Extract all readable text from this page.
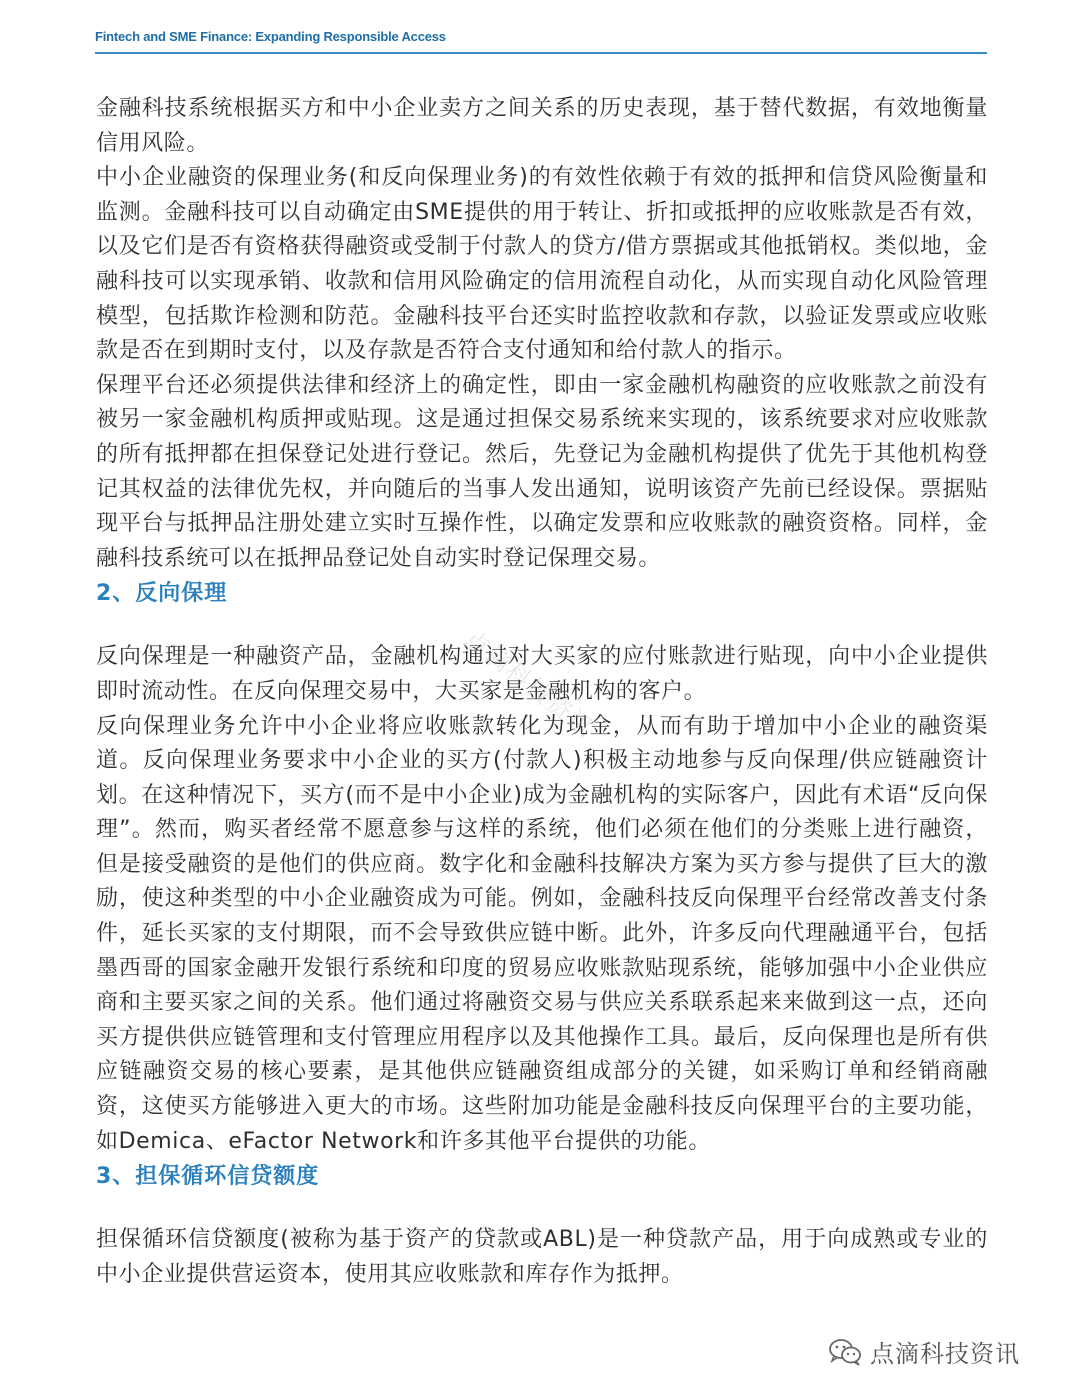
Fintech and SME Finance: Expanding Responsible Access

金融科技系统根据买方和中小企业卖方之间关系的历史表现，基于替代数据，有效地衡量信用风险。

中小企业融资的保理业务(和反向保理业务)的有效性依赖于有效的抵押和信贷风险衡量和监测。金融科技可以自动确定由SME提供的用于转让、折扣或抵押的应收账款是否有效，以及它们是否有资格获得融资或受制于付款人的贷方/借方票据或其他抵销权。类似地，金融科技可以实现承销、收款和信用风险确定的信用流程自动化，从而实现自动化风险管理模型，包括欺诈检测和防范。金融科技平台还实时监控收款和存款，以验证发票或应收账款是否在到期时支付，以及存款是否符合支付通知和给付款人的指示。

保理平台还必须提供法律和经济上的确定性，即由一家金融机构融资的应收账款之前没有被另一家金融机构质押或贴现。这是通过担保交易系统来实现的，该系统要求对应收账款的所有抵押都在担保登记处进行登记。然后，先登记为金融机构提供了优先于其他机构登记其权益的法律优先权，并向随后的当事人发出通知，说明该资产先前已经设保。票据贴现平台与抵押品注册处建立实时互操作性，以确定发票和应收账款的融资资格。同样，金融科技系统可以在抵押品登记处自动实时登记保理交易。

2、反向保理

反向保理是一种融资产品，金融机构通过对大买家的应付账款进行贴现，向中小企业提供即时流动性。在反向保理交易中，大买家是金融机构的客户。

反向保理业务允许中小企业将应收账款转化为现金，从而有助于增加中小企业的融资渠道。反向保理业务要求中小企业的买方(付款人)积极主动地参与反向保理/供应链融资计划。在这种情况下，买方(而不是中小企业)成为金融机构的实际客户，因此有术语“反向保理”。然而，购买者经常不愿意参与这样的系统，他们必须在他们的分类账上进行融资，但是接受融资的是他们的供应商。数字化和金融科技解决方案为买方参与提供了巨大的激励，使这种类型的中小企业融资成为可能。例如，金融科技反向保理平台经常改善支付条件，延长买家的支付期限，而不会导致供应链中断。此外，许多反向代理融通平台，包括墨西哥的国家金融开发银行系统和印度的贸易应收账款贴现系统，能够加强中小企业供应商和主要买家之间的关系。他们通过将融资交易与供应关系联系起来来做到这一点，还向买方提供供应链管理和支付管理应用程序以及其他操作工具。最后，反向保理也是所有供应链融资交易的核心要素，是其他供应链融资组成部分的关键，如采购订单和经销商融资，这使买方能够进入更大的市场。这些附加功能是金融科技反向保理平台的主要功能，如Demica、eFactor Network和许多其他平台提供的功能。

3、担保循环信贷额度

担保循环信贷额度(被称为基于资产的贷款或ABL)是一种贷款产品，用于向成熟或专业的中小企业提供营运资本，使用其应收账款和库存作为抵押。

点滴科技资讯
点滴科技资讯
